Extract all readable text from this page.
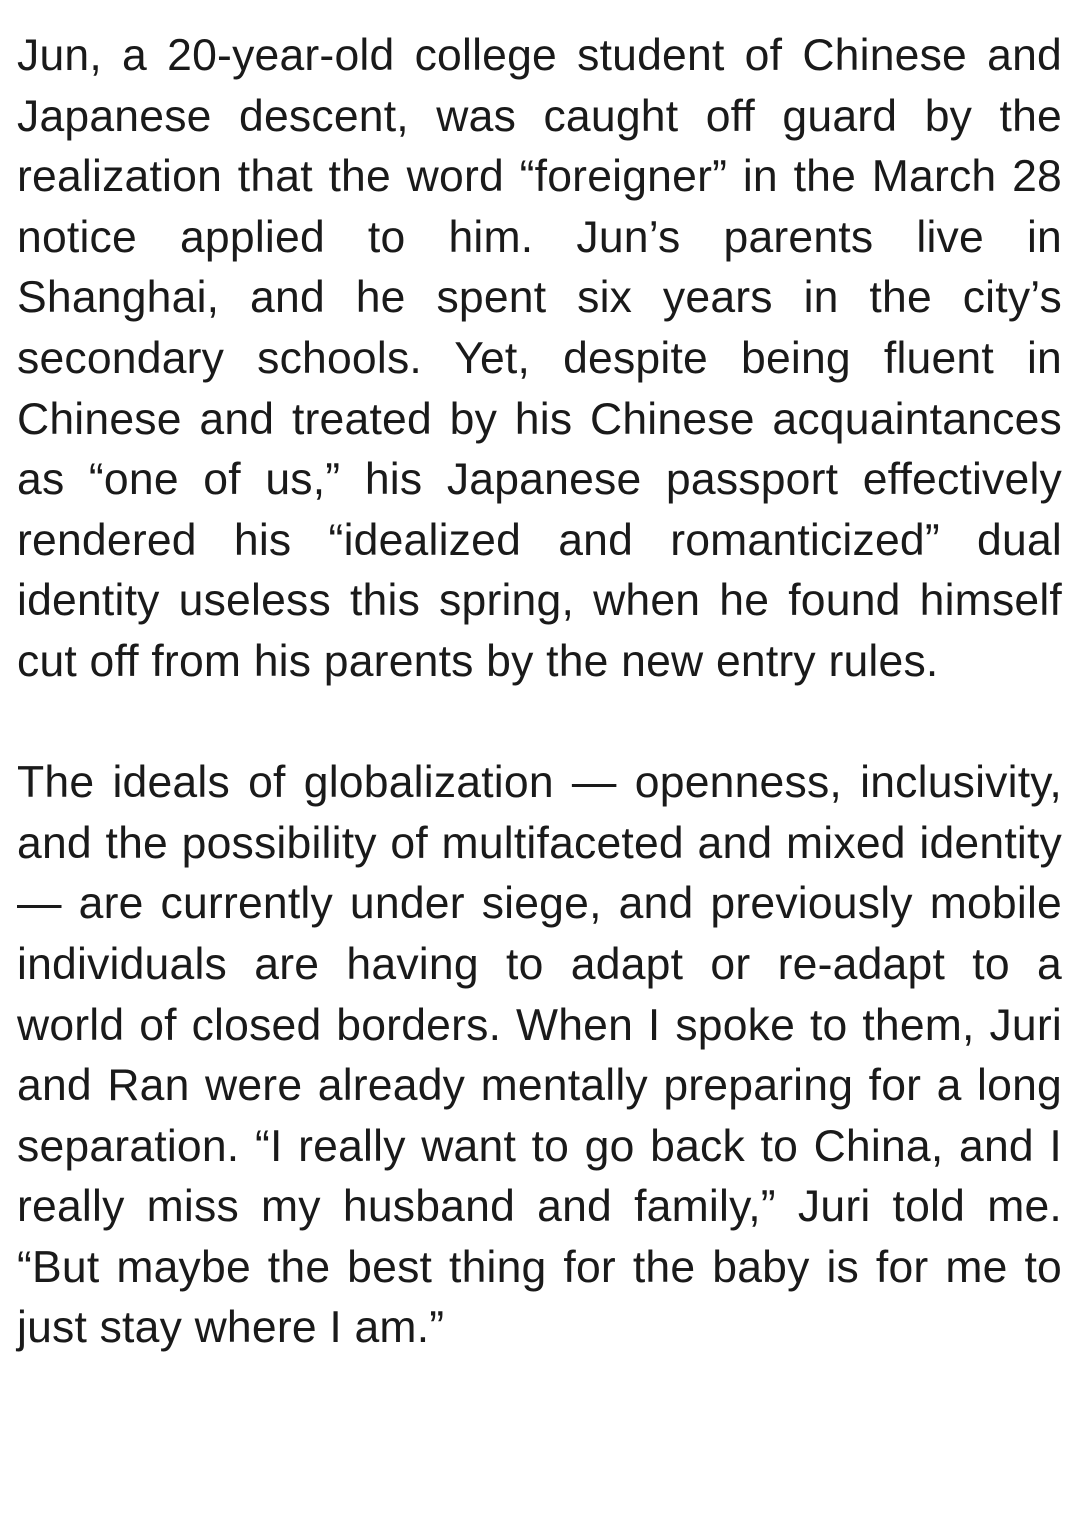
Jun, a 20-year-old college student of Chinese and Japanese descent, was caught off guard by the realization that the word “foreigner” in the March 28 notice applied to him. Jun’s parents live in Shanghai, and he spent six years in the city’s secondary schools. Yet, despite being fluent in Chinese and treated by his Chinese acquaintances as “one of us,” his Japanese passport effectively rendered his “idealized and romanticized” dual identity useless this spring, when he found himself cut off from his parents by the new entry rules.

The ideals of globalization — openness, inclusivity, and the possibility of multifaceted and mixed identity — are currently under siege, and previously mobile individuals are having to adapt or re-adapt to a world of closed borders. When I spoke to them, Juri and Ran were already mentally preparing for a long separation. “I really want to go back to China, and I really miss my husband and family,” Juri told me. “But maybe the best thing for the baby is for me to just stay where I am.”
